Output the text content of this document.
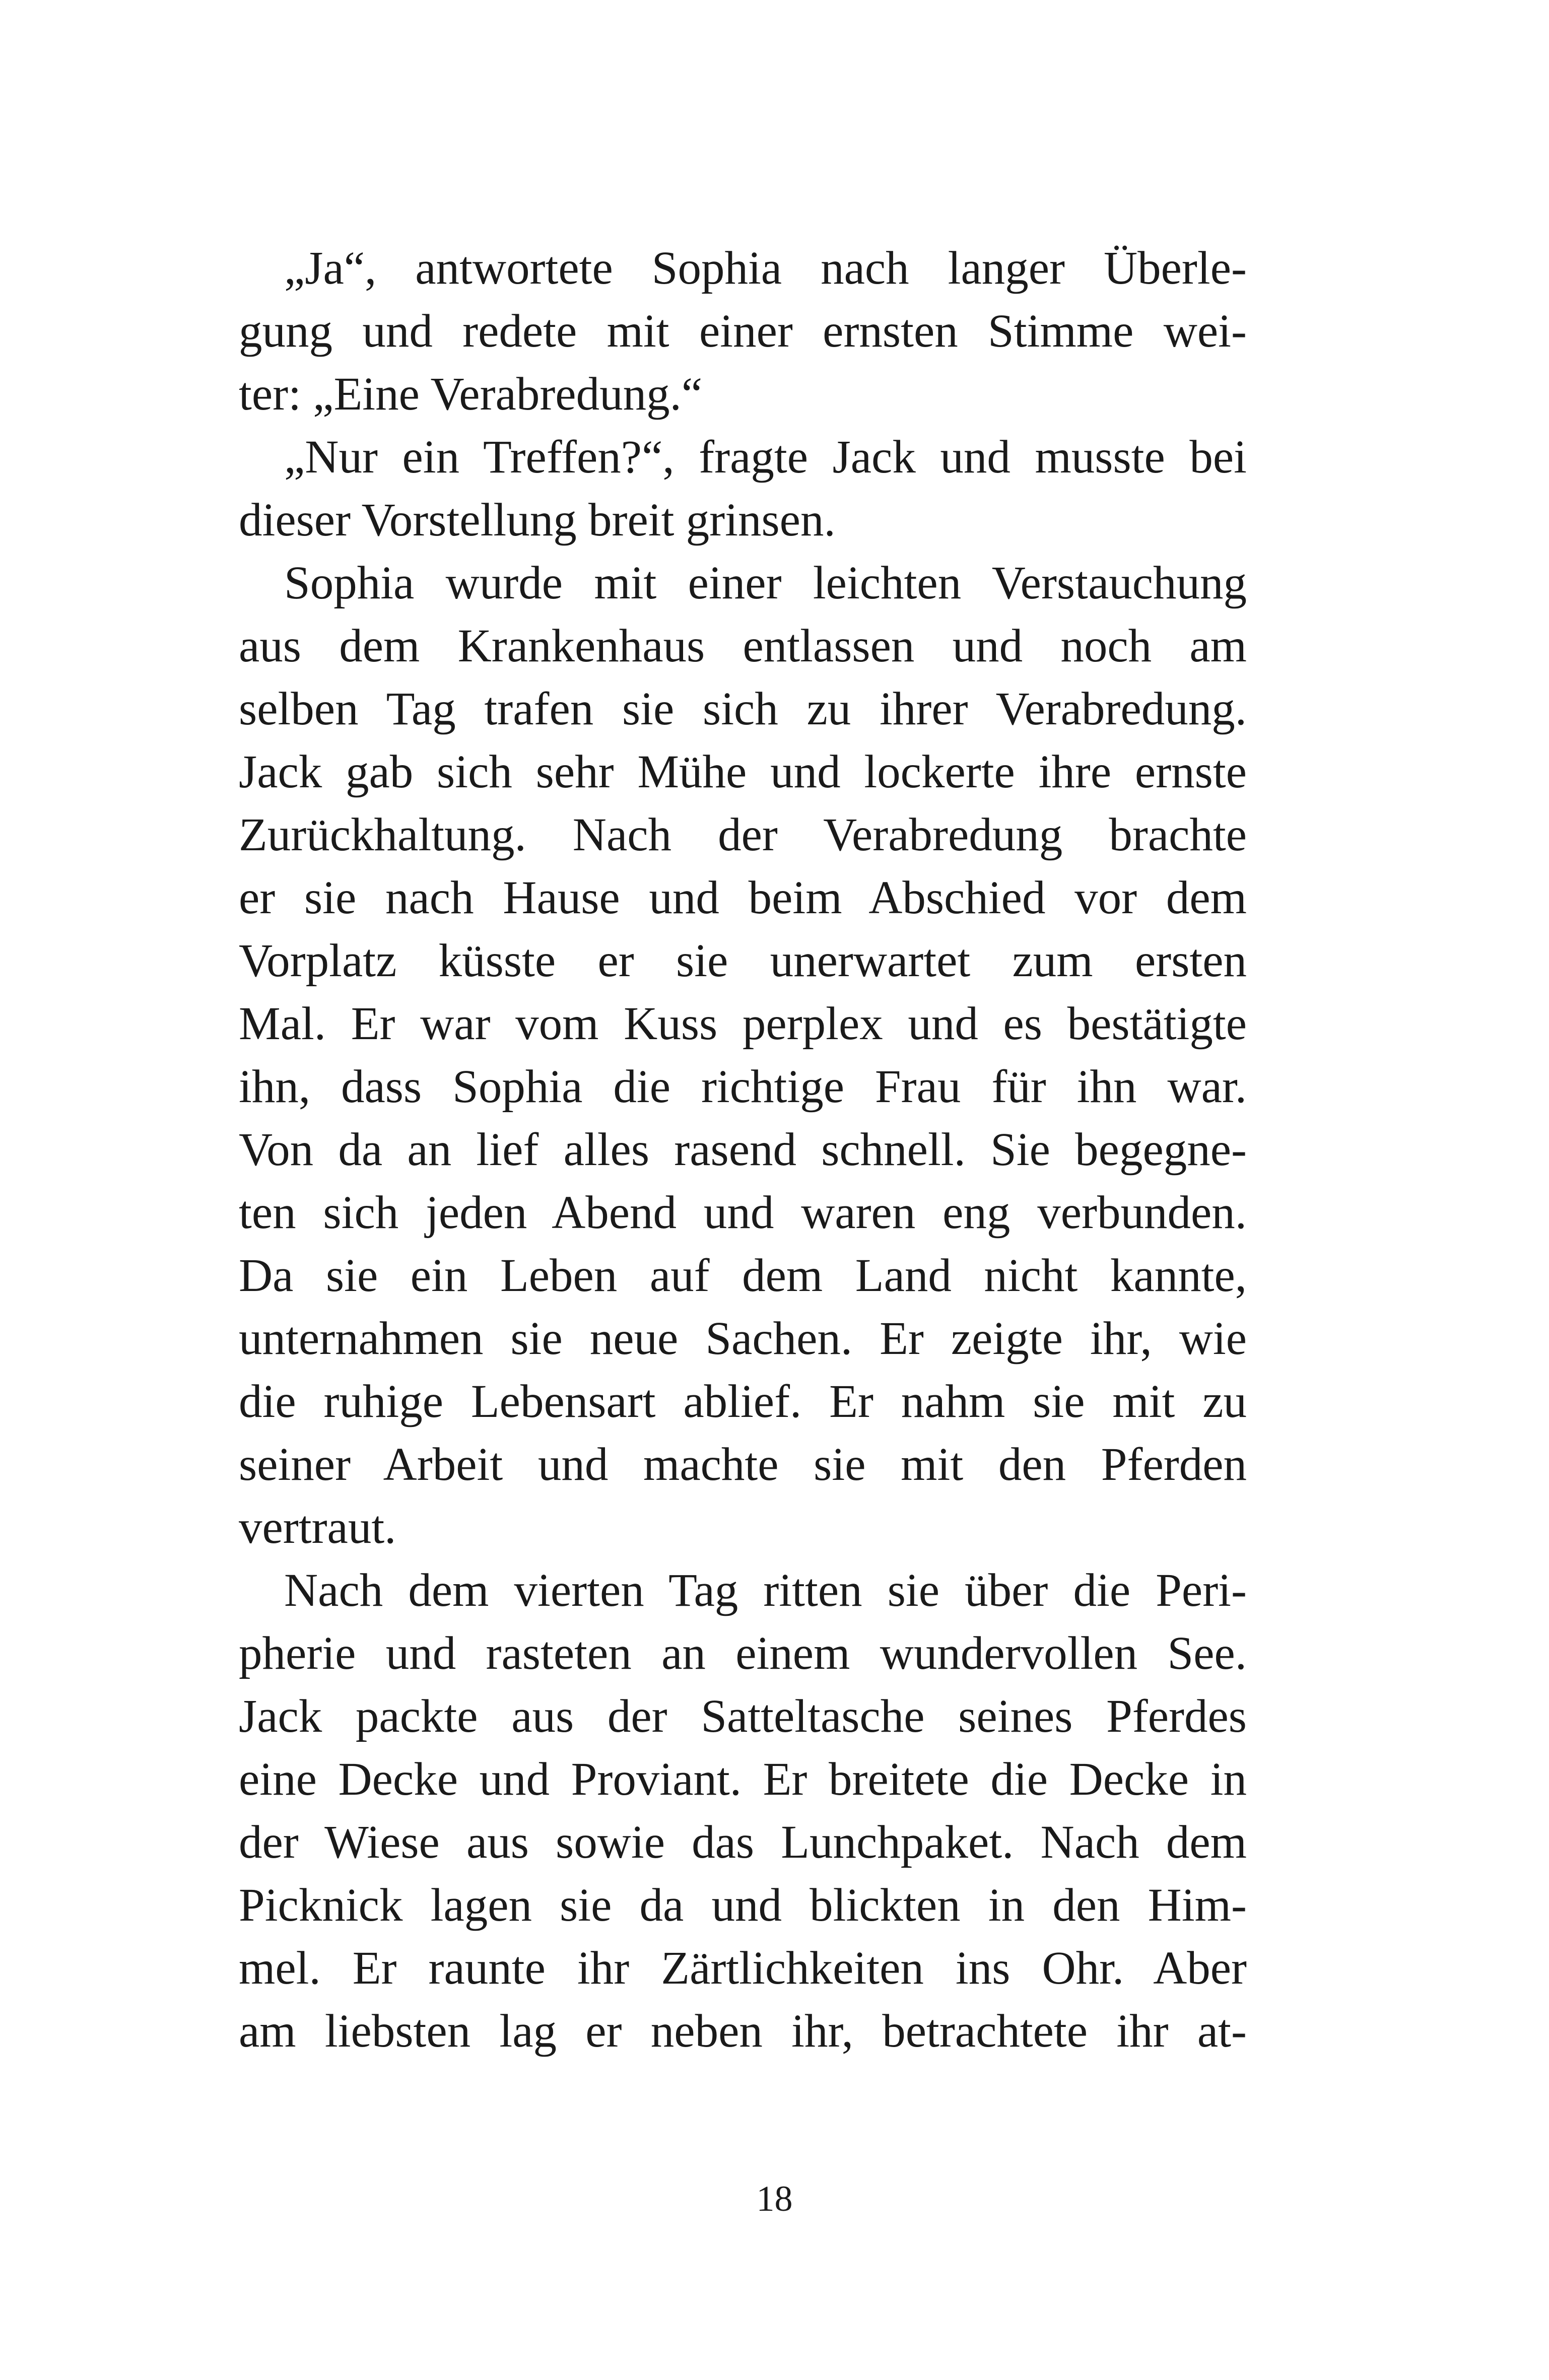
„Ja“, antwortete Sophia nach langer Überle-
gung und redete mit einer ernsten Stimme wei-
ter: „Eine Verabredung.“
„Nur ein Treffen?“, fragte Jack und musste bei
dieser Vorstellung breit grinsen.
Sophia wurde mit einer leichten Verstauchung
aus dem Krankenhaus entlassen und noch am
selben Tag trafen sie sich zu ihrer Verabredung.
Jack gab sich sehr Mühe und lockerte ihre ernste
Zurückhaltung. Nach der Verabredung brachte
er sie nach Hause und beim Abschied vor dem
Vorplatz küsste er sie unerwartet zum ersten
Mal. Er war vom Kuss perplex und es bestätigte
ihn, dass Sophia die richtige Frau für ihn war.
Von da an lief alles rasend schnell. Sie begegne-
ten sich jeden Abend und waren eng verbunden.
Da sie ein Leben auf dem Land nicht kannte,
unternahmen sie neue Sachen. Er zeigte ihr, wie
die ruhige Lebensart ablief. Er nahm sie mit zu
seiner Arbeit und machte sie mit den Pferden
vertraut.
Nach dem vierten Tag ritten sie über die Peri-
pherie und rasteten an einem wundervollen See.
Jack packte aus der Satteltasche seines Pferdes
eine Decke und Proviant. Er breitete die Decke in
der Wiese aus sowie das Lunchpaket. Nach dem
Picknick lagen sie da und blickten in den Him-
mel. Er raunte ihr Zärtlichkeiten ins Ohr. Aber
am liebsten lag er neben ihr, betrachtete ihr at-
18
